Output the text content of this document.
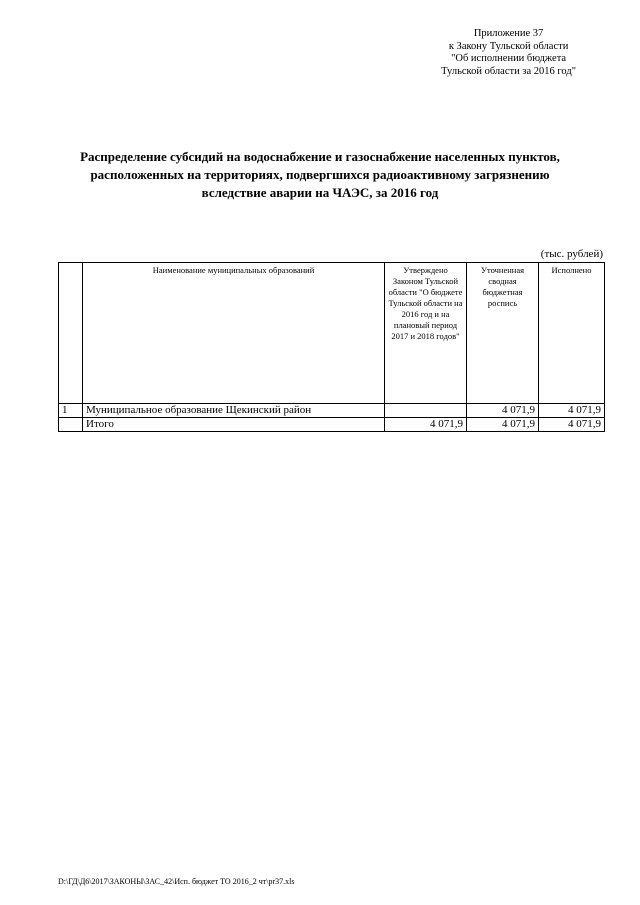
Приложение 37
к Закону Тульской области
"Об исполнении бюджета
Тульской области за 2016 год"
Распределение субсидий на водоснабжение и газоснабжение населенных пунктов,
расположенных на территориях, подвергшихся радиоактивному загрязнению
вследствие аварии на ЧАЭС, за 2016 год
(тыс. рублей)
	Наименование муниципальных образований	Утверждено Законом Тульской области "О бюджете Тульской области на 2016 год и на плановый период 2017 и 2018 годов"	Уточненная сводная бюджетная роспись	Исполнено
1	Муниципальное образование Щекинский район		4 071,9	4 071,9
	Итого	4 071,9	4 071,9	4 071,9
D:\ГД\Д6\2017\ЗАКОНЫ\ЗАС_42\Исп. бюджет ТО 2016_2 чт\pr37.xls
